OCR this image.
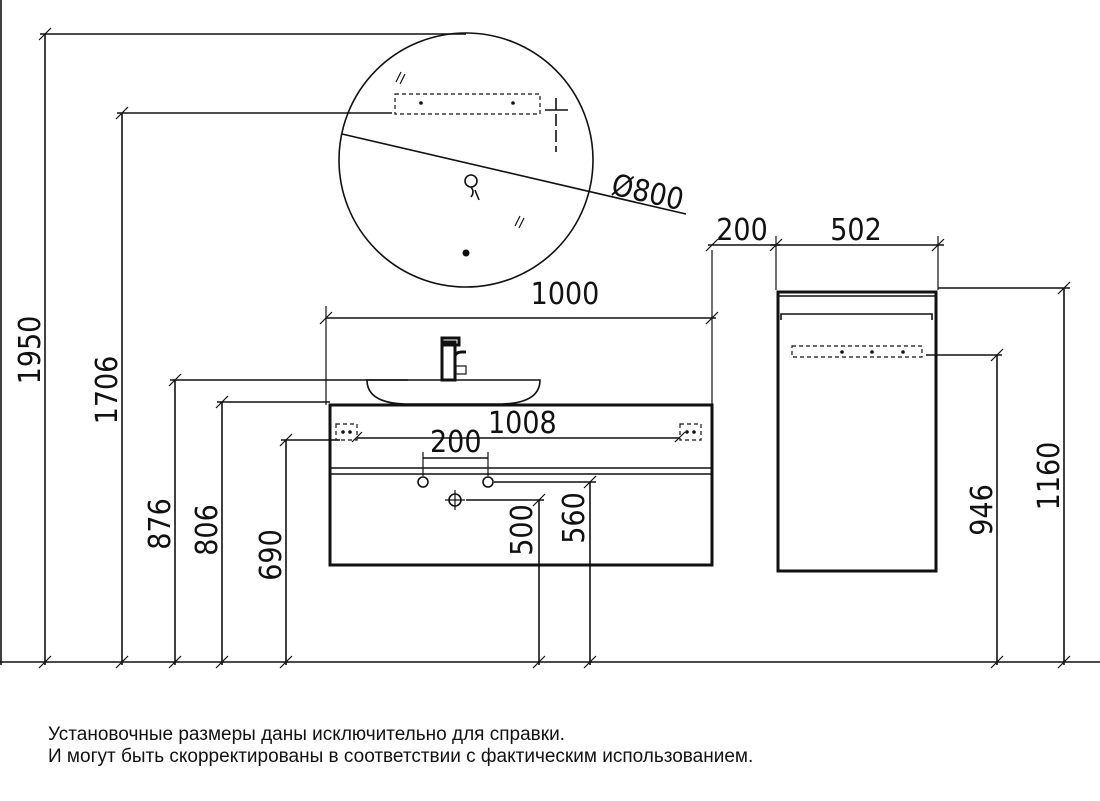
Ø800
1950
1706
876 806 690
1008
200
1000
500 560
200 502
946 1160
Установочные размеры даны исключительно для справки.
И могут быть скорректированы в соответствии с фактическим использованием.
